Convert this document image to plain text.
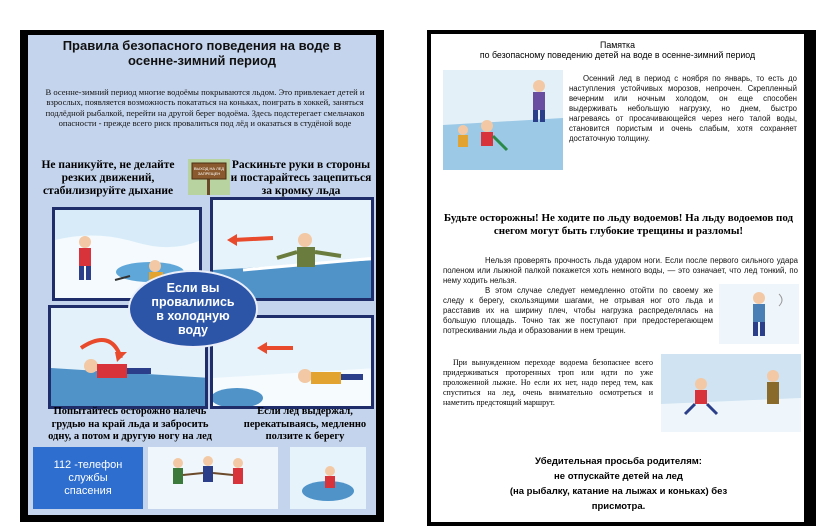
Правила безопасного поведения на воде в
осенне-зимний период
В осенне-зимний период многие водоёмы покрываются льдом. Это привлекает детей и взрослых, появляется возможность покататься на коньках, поиграть в хоккей, заняться подлёдной рыбалкой, перейти на другой берег водоёма. Здесь подстерегает смельчаков опасности - прежде всего риск провалиться под лёд и оказаться в студёной воде
Не паникуйте, не делайте
резких движений,
стабилизируйте дыхание
ВЫХОД НА ЛЕД
ЗАПРЕЩЕН
Раскиньте руки в стороны
и постарайтесь зацепиться
за кромку льда
Если вы
провалились
в холодную
воду
Попытайтесь осторожно налечь
грудью на край льда и забросить
одну, а потом и другую ногу на лед
Если лед выдержал,
перекатываясь, медленно
ползите к берегу
112 -телефон
службы
спасения
Памятка
по безопасному поведению детей на воде в осенне-зимний период
Осенний лед в период с ноября по январь, то есть до наступления устойчивых морозов, непрочен. Скрепленный вечерним или ночным холодом, он еще способен выдерживать небольшую нагрузку, но днем, быстро нагреваясь от просачивающейся через него талой воды, становится пористым и очень слабым, хотя сохраняет достаточную толщину.
Будьте осторожны! Не ходите по льду водоемов! На льду водоемов под снегом могут быть глубокие трещины и разломы!
Нельзя проверять прочность льда ударом ноги. Если после первого сильного удара поленом или лыжной палкой покажется хоть немного воды, — это означает, что лед тонкий, по нему ходить нельзя.
В этом случае следует немедленно отойти по своему же следу к берегу, скользящими шагами, не отрывая ног ото льда и расставив их на ширину плеч, чтобы нагрузка распределялась на большую площадь. Точно так же поступают при предостерегающем потрескивании льда и образовании в нем трещин.
При вынужденном переходе водоема безопаснее всего придерживаться проторенных троп или идти по уже проложенной лыжне. Но если их нет, надо перед тем, как спуститься на лед, очень внимательно осмотреться и наметить предстоящий маршрут.
Убедительная просьба родителям:
не отпускайте детей на лед
(на рыбалку, катание на лыжах и коньках) без
присмотра.
